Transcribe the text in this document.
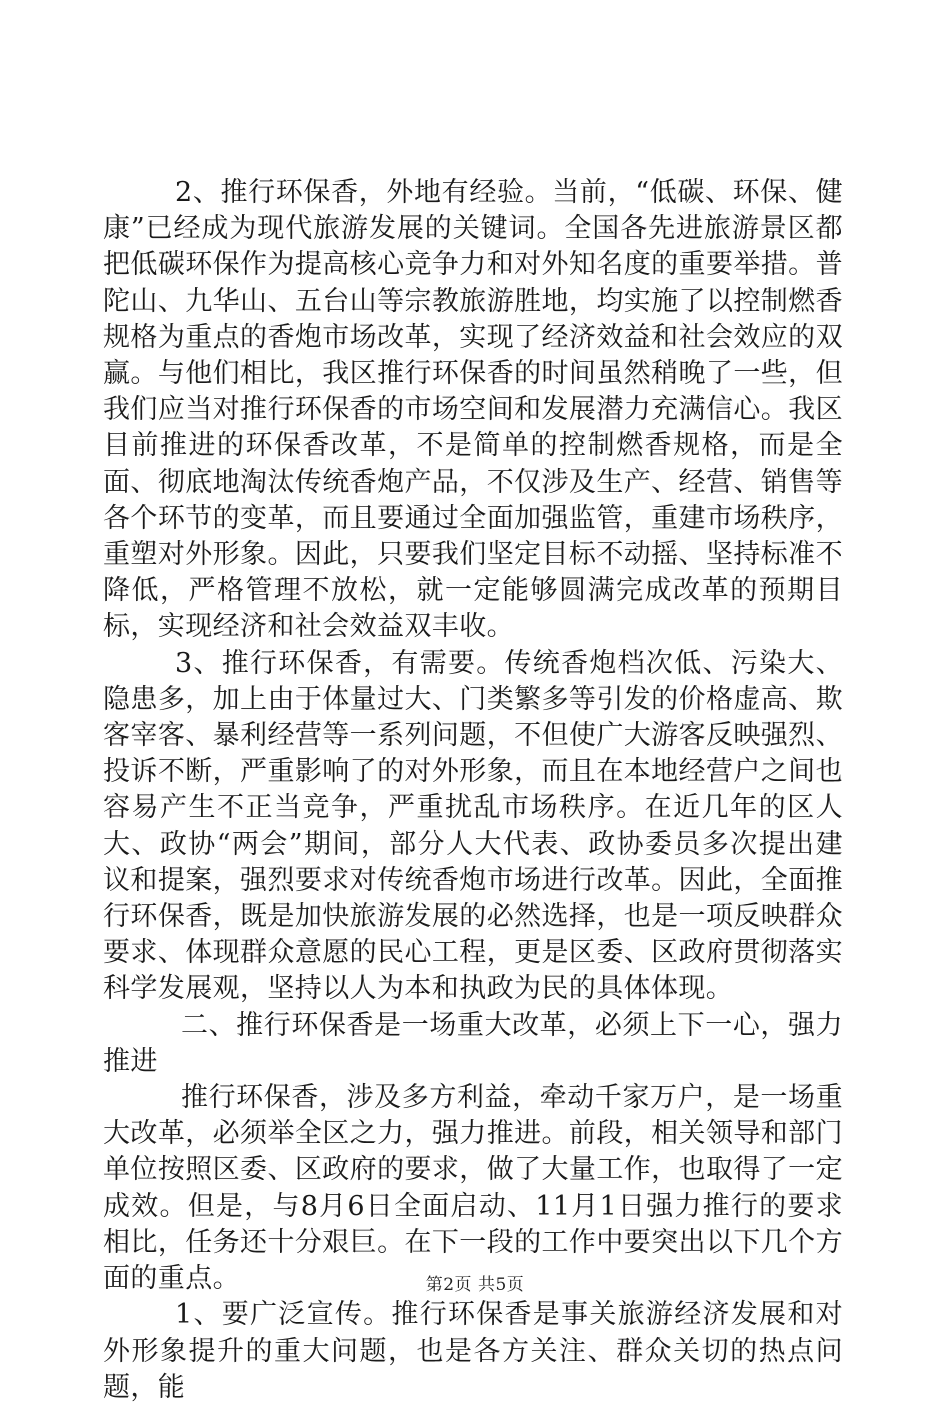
2、推行环保香，外地有经验。当前，“低碳、环保、健康”已经成为现代旅游发展的关键词。全国各先进旅游景区都把低碳环保作为提高核心竞争力和对外知名度的重要举措。普陀山、九华山、五台山等宗教旅游胜地，均实施了以控制燃香规格为重点的香炮市场改革，实现了经济效益和社会效应的双赢。与他们相比，我区推行环保香的时间虽然稍晚了一些，但我们应当对推行环保香的市场空间和发展潜力充满信心。我区目前推进的环保香改革，不是简单的控制燃香规格，而是全面、彻底地淘汰传统香炮产品，不仅涉及生产、经营、销售等各个环节的变革，而且要通过全面加强监管，重建市场秩序，重塑对外形象。因此，只要我们坚定目标不动摇、坚持标准不降低，严格管理不放松，就一定能够圆满完成改革的预期目标，实现经济和社会效益双丰收。

3、推行环保香，有需要。传统香炮档次低、污染大、隐患多，加上由于体量过大、门类繁多等引发的价格虚高、欺客宰客、暴利经营等一系列问题，不但使广大游客反映强烈、投诉不断，严重影响了的对外形象，而且在本地经营户之间也容易产生不正当竞争，严重扰乱市场秩序。在近几年的区人大、政协“两会”期间，部分人大代表、政协委员多次提出建议和提案，强烈要求对传统香炮市场进行改革。因此，全面推行环保香，既是加快旅游发展的必然选择，也是一项反映群众要求、体现群众意愿的民心工程，更是区委、区政府贯彻落实科学发展观，坚持以人为本和执政为民的具体体现。

二、推行环保香是一场重大改革，必须上下一心，强力推进

推行环保香，涉及多方利益，牵动千家万户，是一场重大改革，必须举全区之力，强力推进。前段，相关领导和部门单位按照区委、区政府的要求，做了大量工作，也取得了一定成效。但是，与8月6日全面启动、11月1日强力推行的要求相比，任务还十分艰巨。在下一段的工作中要突出以下几个方面的重点。

1、要广泛宣传。推行环保香是事关旅游经济发展和对外形象提升的重大问题，也是各方关注、群众关切的热点问题，能

第2页 共5页
